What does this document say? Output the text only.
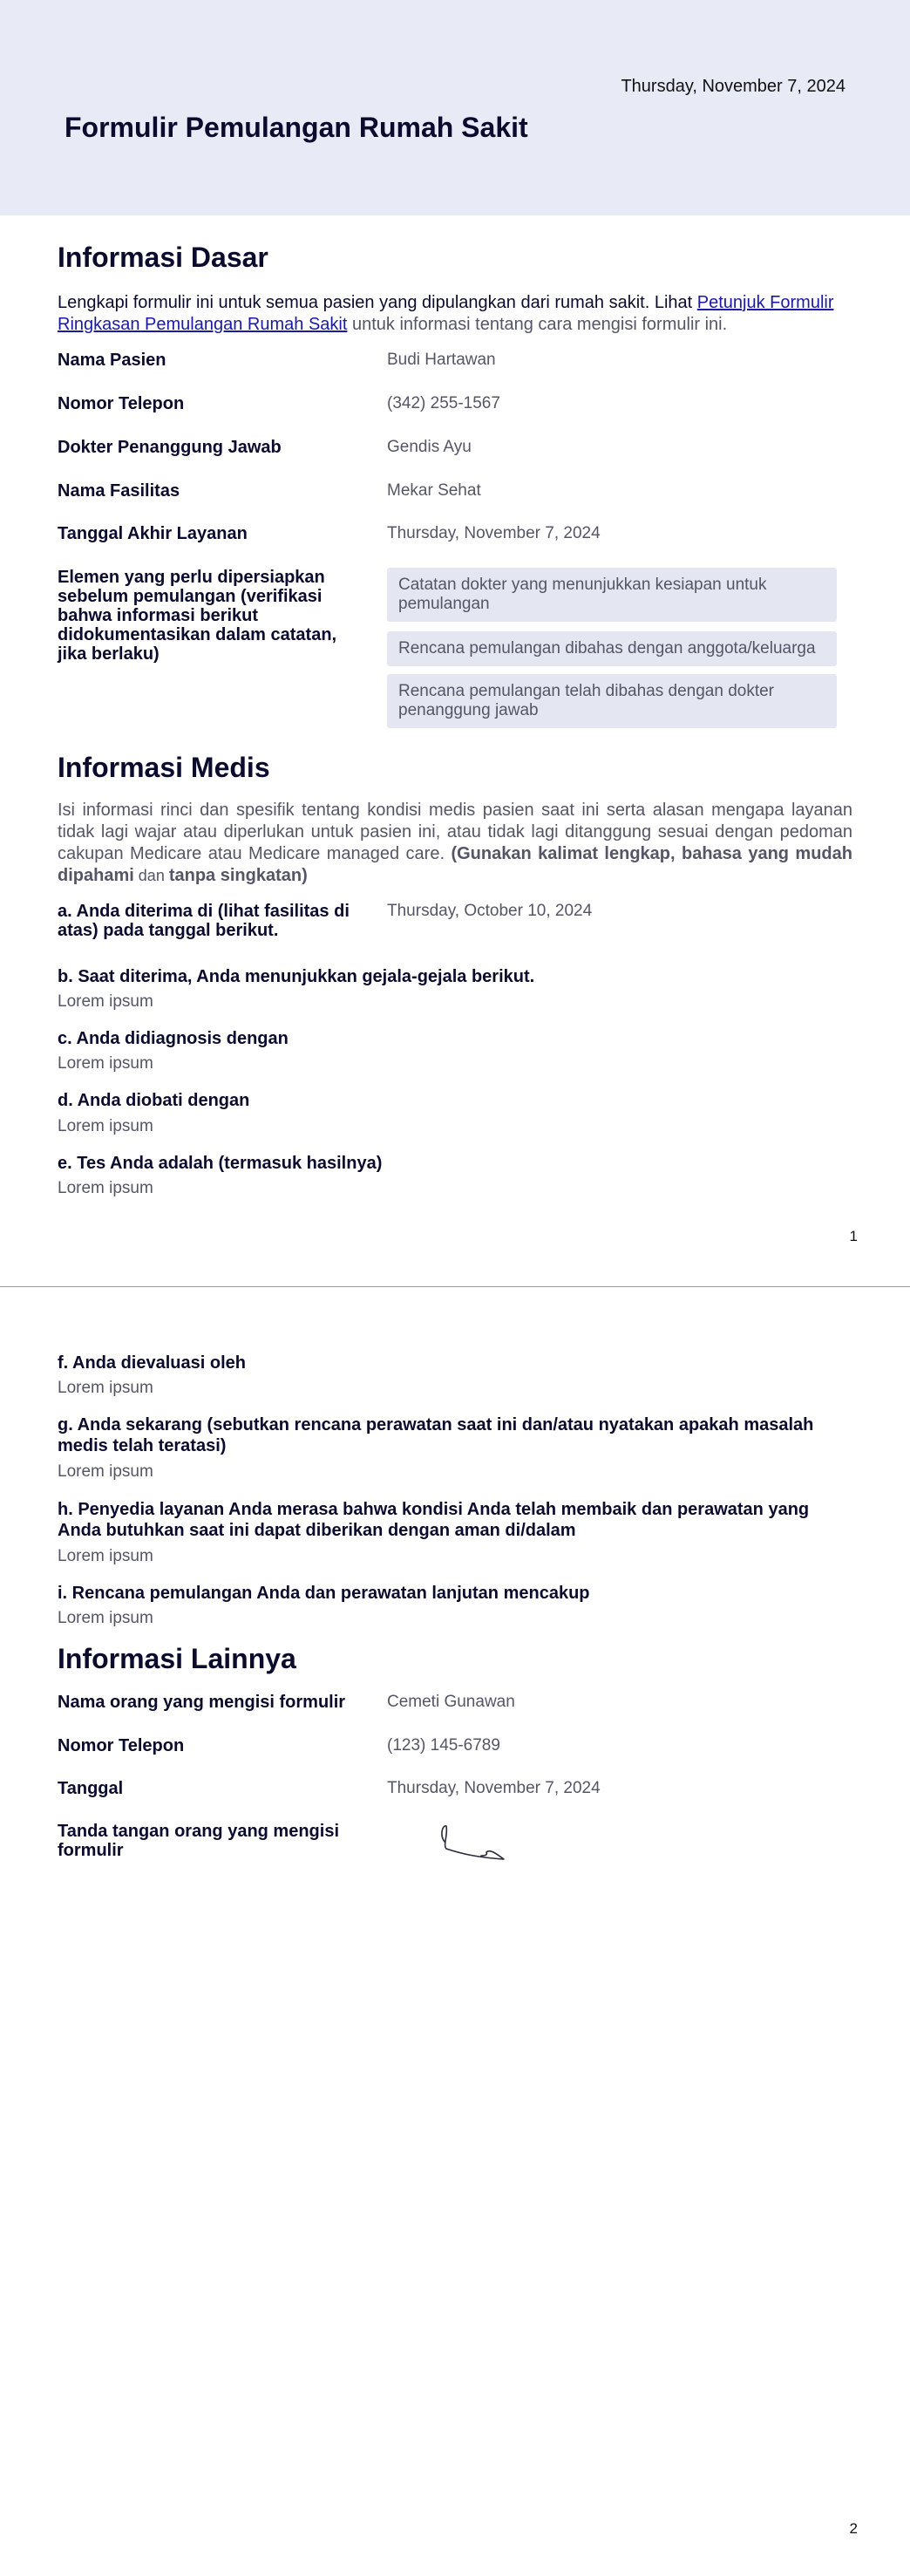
Thursday, November 7, 2024
Formulir Pemulangan Rumah Sakit
Informasi Dasar

Lengkapi formulir ini untuk semua pasien yang dipulangkan dari rumah sakit. Lihat Petunjuk Formulir Ringkasan Pemulangan Rumah Sakit untuk informasi tentang cara mengisi formulir ini.

Nama Pasien	Budi Hartawan
Nomor Telepon	(342) 255-1567
Dokter Penanggung Jawab	Gendis Ayu
Nama Fasilitas	Mekar Sehat
Tanggal Akhir Layanan	Thursday, November 7, 2024
Elemen yang perlu dipersiapkan sebelum pemulangan (verifikasi bahwa informasi berikut didokumentasikan dalam catatan, jika berlaku)
Catatan dokter yang menunjukkan kesiapan untuk pemulangan
Rencana pemulangan dibahas dengan anggota/keluarga
Rencana pemulangan telah dibahas dengan dokter penanggung jawab
Informasi Medis

Isi informasi rinci dan spesifik tentang kondisi medis pasien saat ini serta alasan mengapa layanan tidak lagi wajar atau diperlukan untuk pasien ini, atau tidak lagi ditanggung sesuai dengan pedoman cakupan Medicare atau Medicare managed care. (Gunakan kalimat lengkap, bahasa yang mudah dipahami dan tanpa singkatan)

a. Anda diterima di (lihat fasilitas di atas) pada tanggal berikut.
Thursday, October 10, 2024
b. Saat diterima, Anda menunjukkan gejala-gejala berikut.
Lorem ipsum
c. Anda didiagnosis dengan
Lorem ipsum
d. Anda diobati dengan
Lorem ipsum
e. Tes Anda adalah (termasuk hasilnya)
Lorem ipsum
1
f. Anda dievaluasi oleh
Lorem ipsum
g. Anda sekarang (sebutkan rencana perawatan saat ini dan/atau nyatakan apakah masalah medis telah teratasi)
Lorem ipsum
h. Penyedia layanan Anda merasa bahwa kondisi Anda telah membaik dan perawatan yang Anda butuhkan saat ini dapat diberikan dengan aman di/dalam
Lorem ipsum
i. Rencana pemulangan Anda dan perawatan lanjutan mencakup
Lorem ipsum
Informasi Lainnya
Nama orang yang mengisi formulir	Cemeti Gunawan
Nomor Telepon	(123) 145-6789
Tanggal	Thursday, November 7, 2024
Tanda tangan orang yang mengisi formulir
2
